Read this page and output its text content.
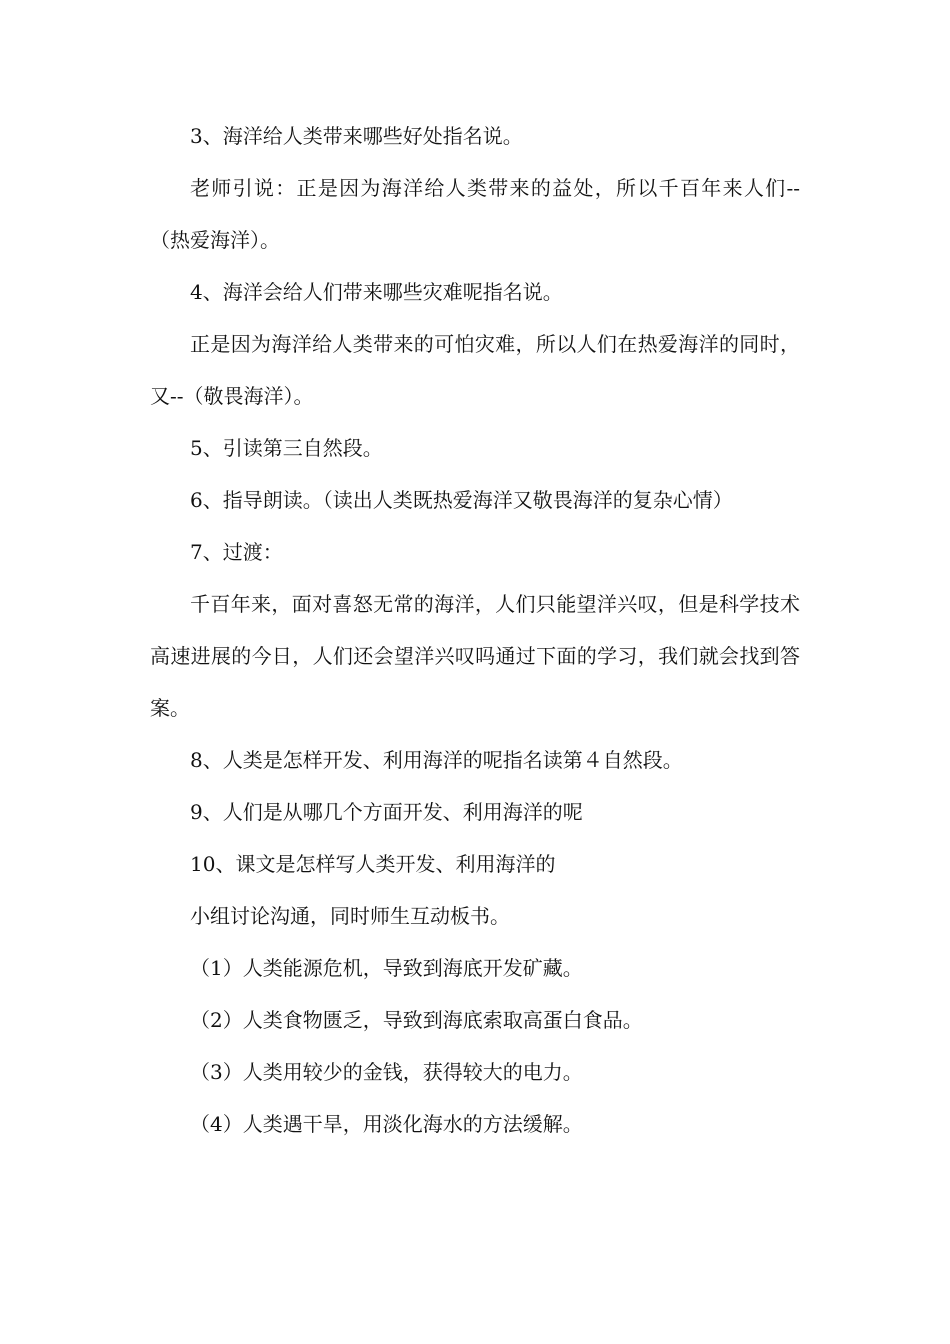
3、海洋给人类带来哪些好处指名说。

老师引说：正是因为海洋给人类带来的益处，所以千百年来人们--（热爱海洋）。

4、海洋会给人们带来哪些灾难呢指名说。

正是因为海洋给人类带来的可怕灾难，所以人们在热爱海洋的同时，又--（敬畏海洋）。

5、引读第三自然段。

6、指导朗读。（读出人类既热爱海洋又敬畏海洋的复杂心情）

7、过渡：

千百年来，面对喜怒无常的海洋，人们只能望洋兴叹，但是科学技术高速进展的今日，人们还会望洋兴叹吗通过下面的学习，我们就会找到答案。

8、人类是怎样开发、利用海洋的呢指名读第４自然段。

9、人们是从哪几个方面开发、利用海洋的呢

10、课文是怎样写人类开发、利用海洋的

小组讨论沟通，同时师生互动板书。

（1）人类能源危机，导致到海底开发矿藏。

（2）人类食物匮乏，导致到海底索取高蛋白食品。

（3）人类用较少的金钱，获得较大的电力。

（4）人类遇干旱，用淡化海水的方法缓解。
